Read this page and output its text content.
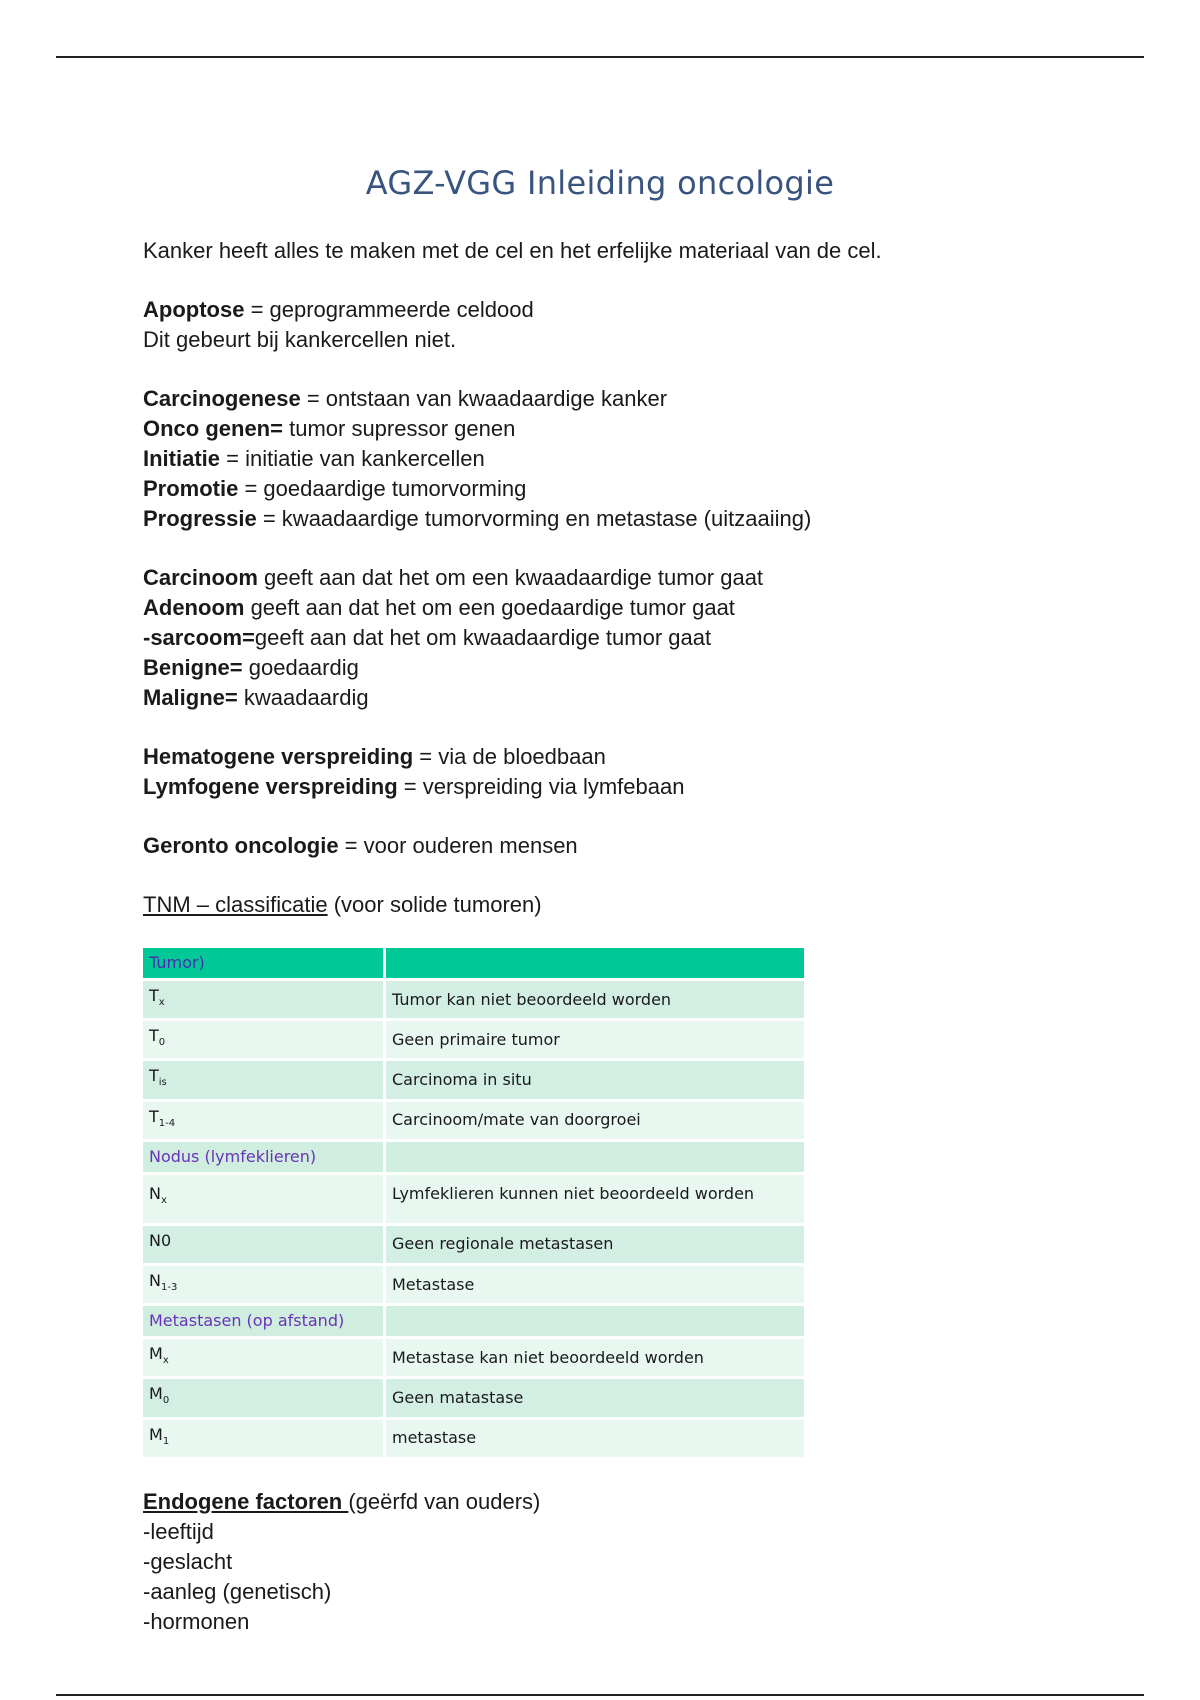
AGZ-VGG Inleiding oncologie

Kanker heeft alles te maken met de cel en het erfelijke materiaal van de cel.

Apoptose = geprogrammeerde celdood

Dit gebeurt bij kankercellen niet.

Carcinogenese = ontstaan van kwaadaardige kanker

Onco genen= tumor supressor genen

Initiatie = initiatie van kankercellen

Promotie = goedaardige tumorvorming

Progressie = kwaadaardige tumorvorming en metastase (uitzaaiing)

Carcinoom geeft aan dat het om een kwaadaardige tumor gaat

Adenoom geeft aan dat het om een goedaardige tumor gaat

-sarcoom=geeft aan dat het om kwaadaardige tumor gaat

Benigne= goedaardig

Maligne= kwaadaardig

Hematogene verspreiding = via de bloedbaan

Lymfogene verspreiding = verspreiding via lymfebaan

Geronto oncologie = voor ouderen mensen

TNM – classificatie (voor solide tumoren)

Tumor)	
$T_x$	Tumor kan niet beoordeeld worden
$T_0$	Geen primaire tumor
$T_{is}$	Carcinoma in situ
$T_{1-4}$	Carcinoom/mate van doorgroei
Nodus (lymfeklieren)	
$N_x$	Lymfeklieren kunnen niet beoordeeld worden
N0	Geen regionale metastasen
$N_{1-3}$	Metastase
Metastasen (op afstand)	
$M_x$	Metastase kan niet beoordeeld worden
$M_0$	Geen matastase
$M_1$	metastase

Endogene factoren (geërfd van ouders)

-leeftijd

-geslacht

-aanleg (genetisch)

-hormonen
